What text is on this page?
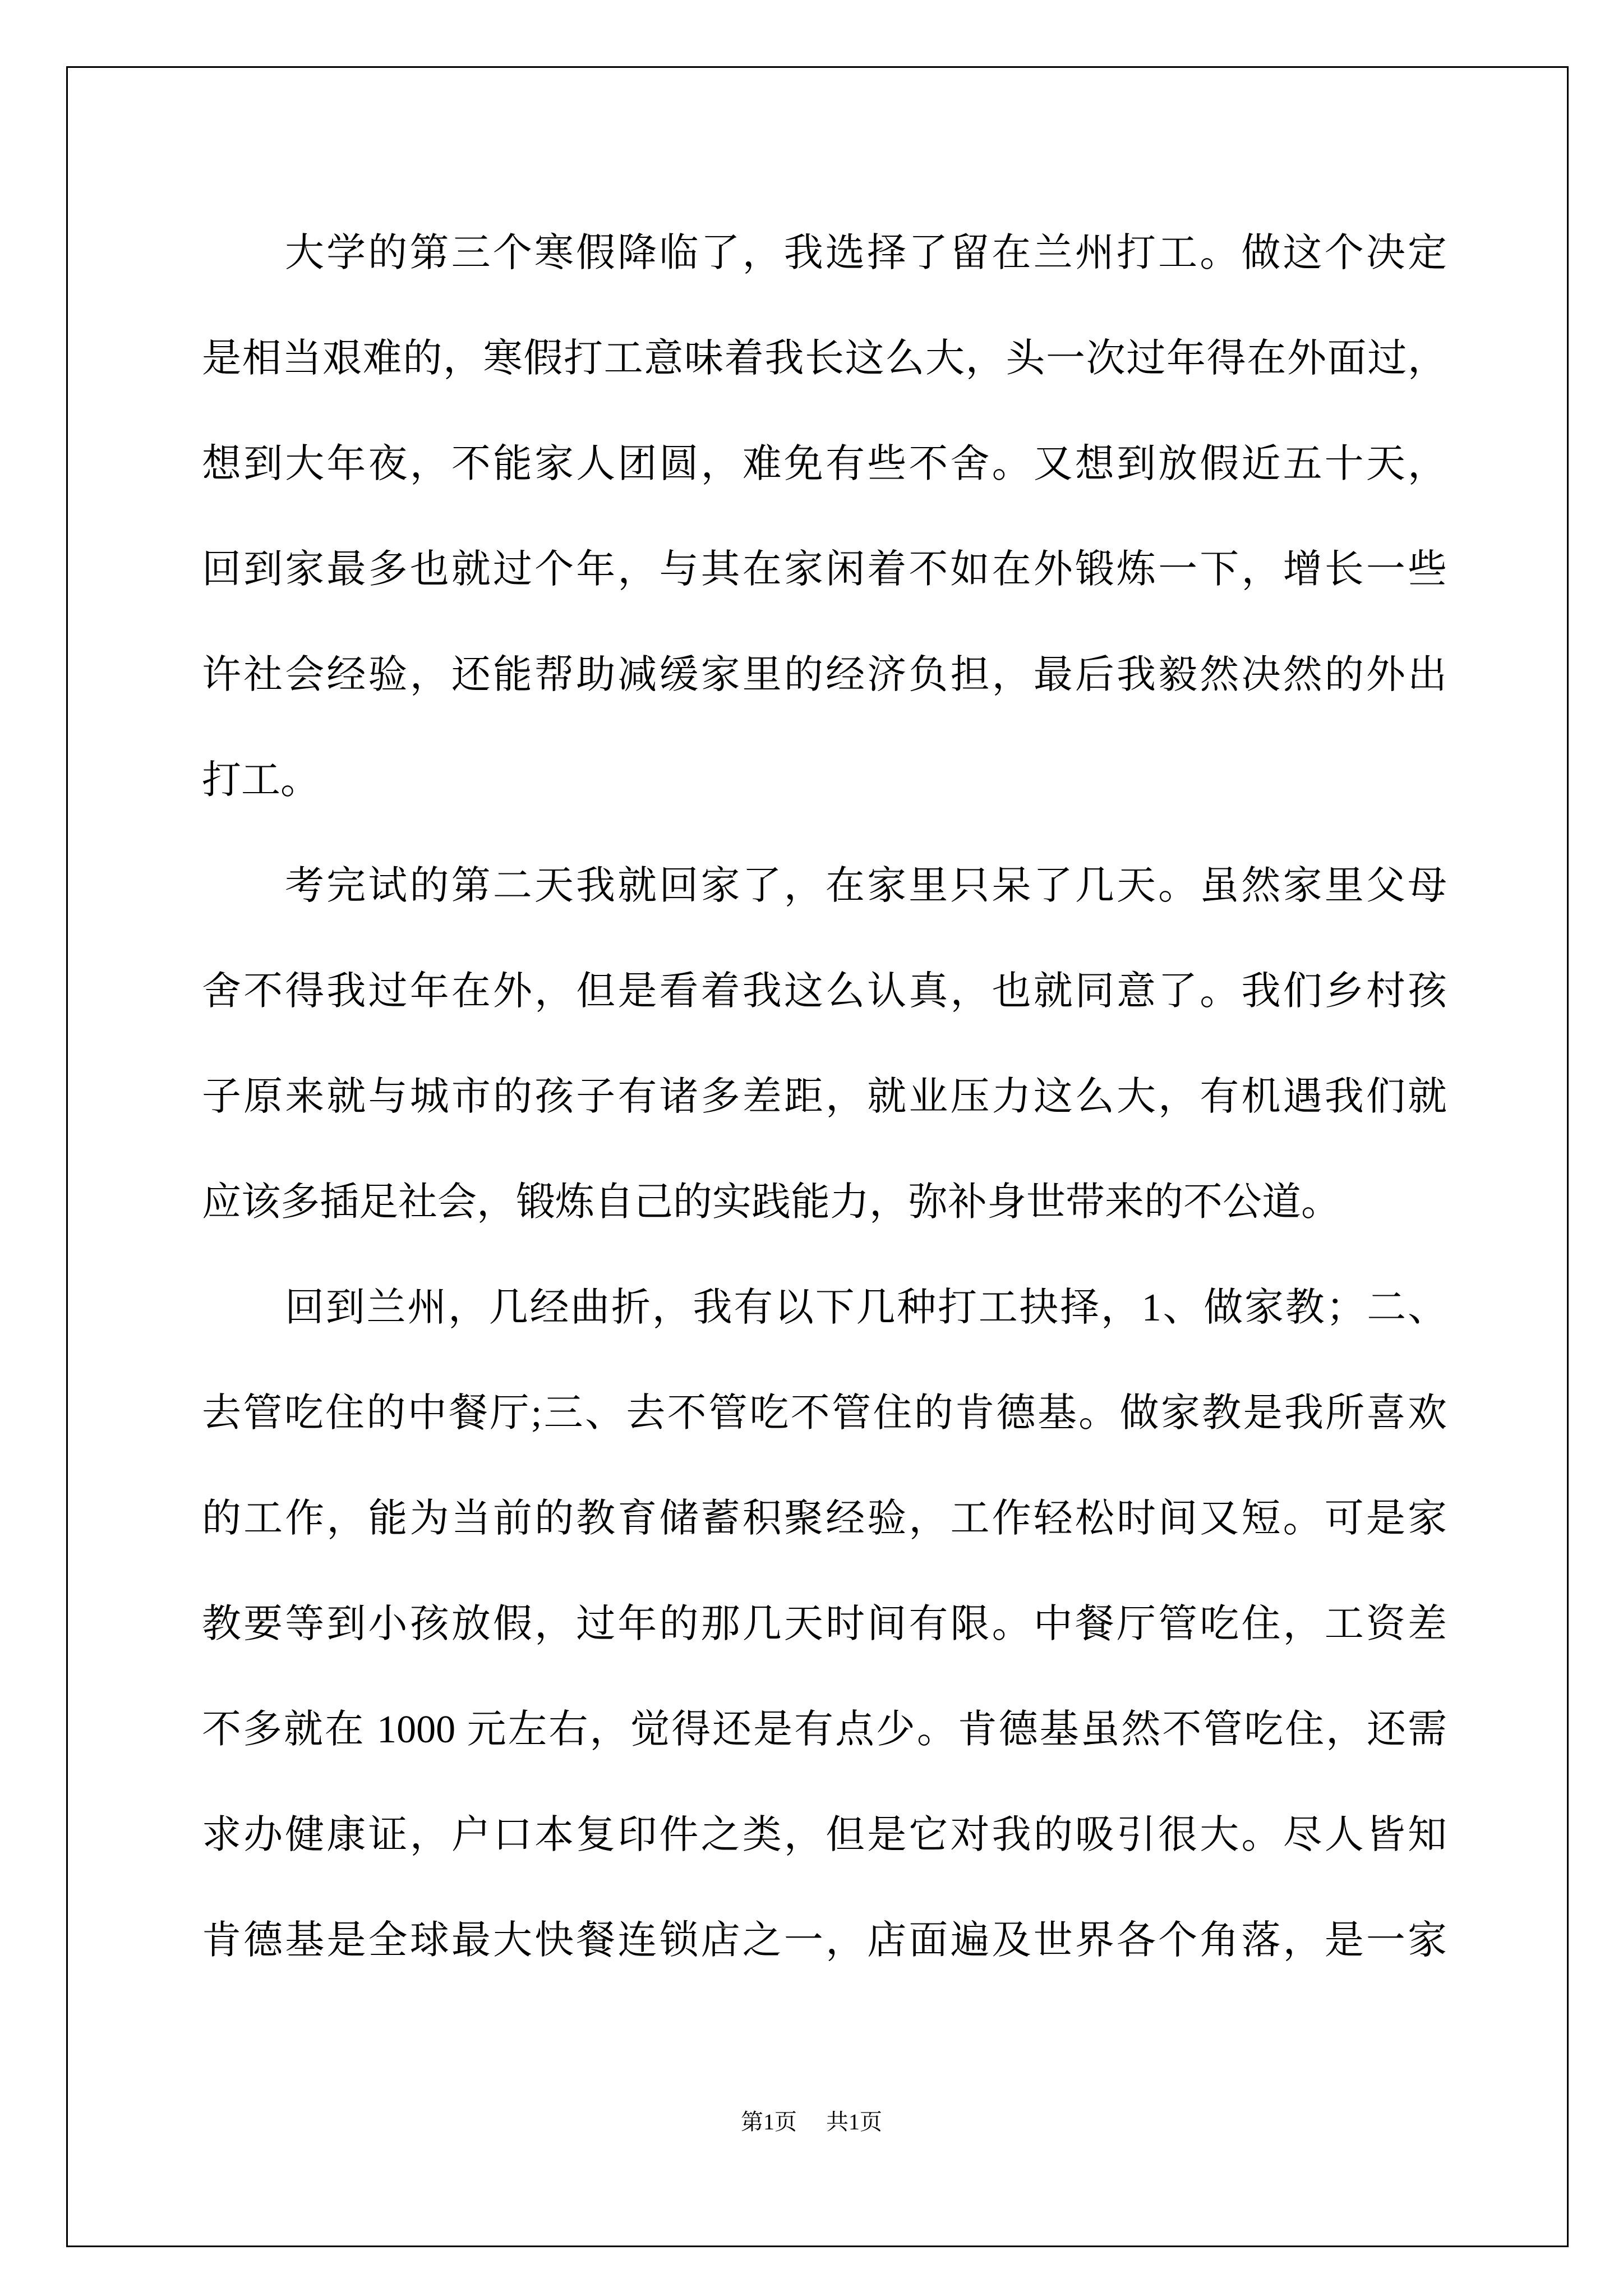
大学的第三个寒假降临了，我选择了留在兰州打工。做这个决定
是相当艰难的，寒假打工意味着我长这么大，头一次过年得在外面过，
想到大年夜，不能家人团圆，难免有些不舍。又想到放假近五十天，
回到家最多也就过个年，与其在家闲着不如在外锻炼一下，增长一些
许社会经验，还能帮助减缓家里的经济负担，最后我毅然决然的外出
打工。
考完试的第二天我就回家了，在家里只呆了几天。虽然家里父母
舍不得我过年在外，但是看着我这么认真，也就同意了。我们乡村孩
子原来就与城市的孩子有诸多差距，就业压力这么大，有机遇我们就
应该多插足社会，锻炼自己的实践能力，弥补身世带来的不公道。
回到兰州，几经曲折，我有以下几种打工抉择，1、做家教；二、
去管吃住的中餐厅;三、去不管吃不管住的肯德基。做家教是我所喜欢
的工作，能为当前的教育储蓄积聚经验，工作轻松时间又短。可是家
教要等到小孩放假，过年的那几天时间有限。中餐厅管吃住，工资差
不多就在 1000 元左右，觉得还是有点少。肯德基虽然不管吃住，还需
求办健康证，户口本复印件之类，但是它对我的吸引很大。尽人皆知
肯德基是全球最大快餐连锁店之一，店面遍及世界各个角落，是一家
第1页 共1页
